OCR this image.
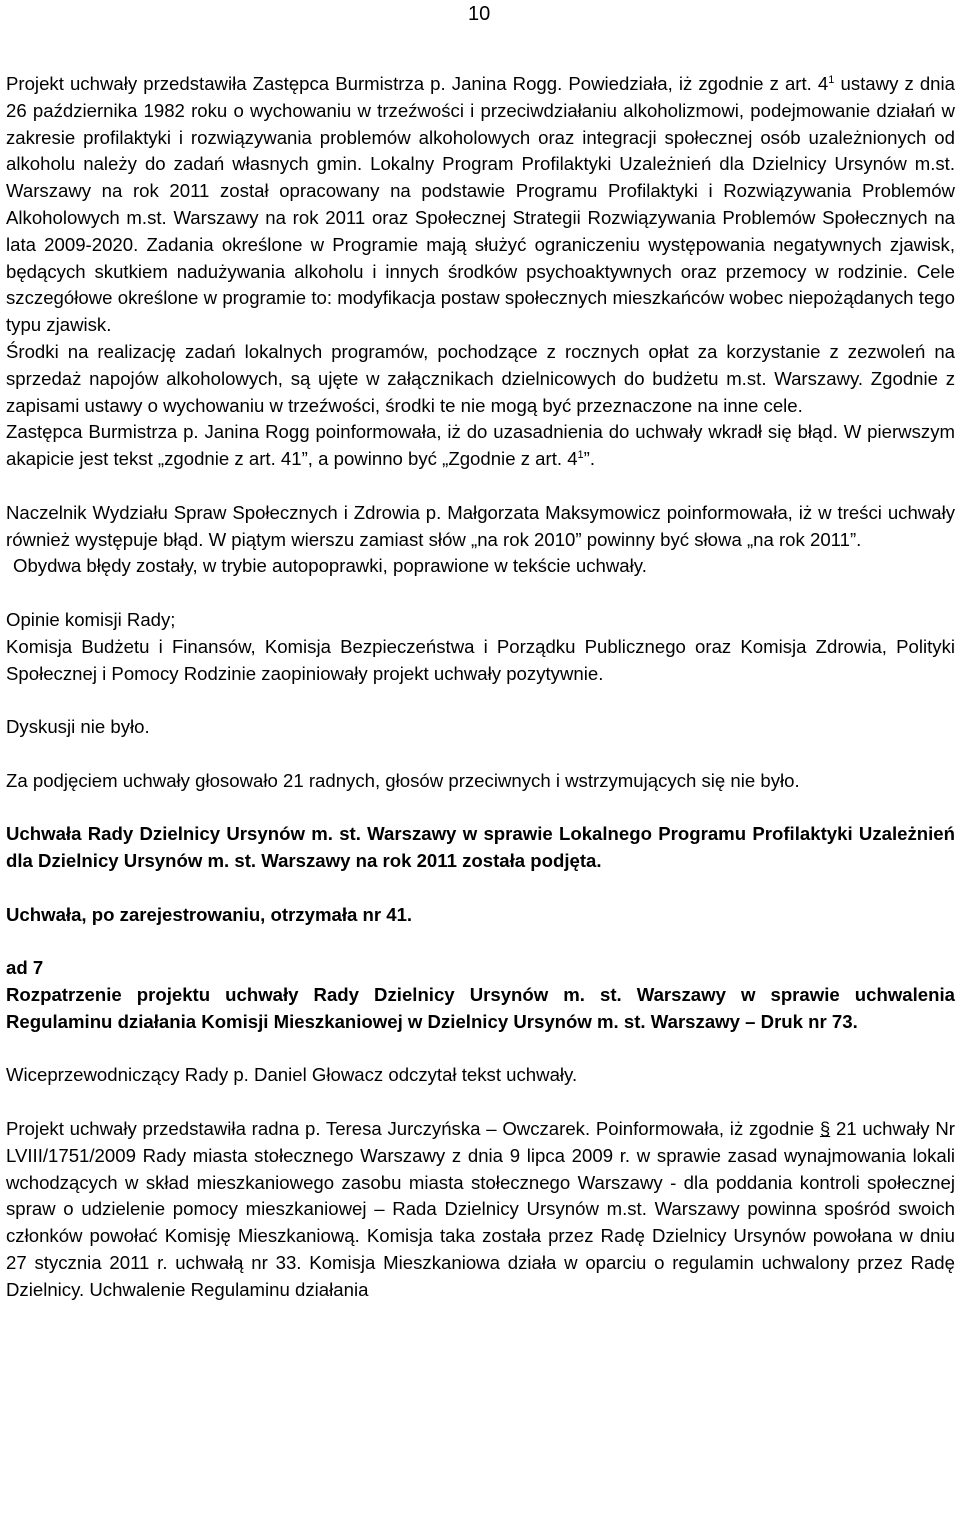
10

Projekt uchwały przedstawiła Zastępca Burmistrza p. Janina Rogg. Powiedziała, iż zgodnie z art. $4^1$ ustawy z dnia 26 października 1982 roku o wychowaniu w trzeźwości i przeciwdziałaniu alkoholizmowi, podejmowanie działań w zakresie profilaktyki i rozwiązywania problemów alkoholowych oraz integracji społecznej osób uzależnionych od alkoholu należy do zadań własnych gmin. Lokalny Program Profilaktyki Uzależnień dla Dzielnicy Ursynów m.st. Warszawy na rok 2011 został opracowany na podstawie Programu Profilaktyki i Rozwiązywania Problemów Alkoholowych m.st. Warszawy na rok 2011 oraz Społecznej Strategii Rozwiązywania Problemów Społecznych na lata 2009-2020. Zadania określone w Programie mają służyć ograniczeniu występowania negatywnych zjawisk, będących skutkiem nadużywania alkoholu i innych środków psychoaktywnych oraz przemocy w rodzinie. Cele szczegółowe określone w programie to: modyfikacja postaw społecznych mieszkańców wobec niepożądanych tego typu zjawisk.

Środki na realizację zadań lokalnych programów, pochodzące z rocznych opłat za korzystanie z zezwoleń na sprzedaż napojów alkoholowych, są ujęte w załącznikach dzielnicowych do budżetu m.st. Warszawy. Zgodnie z zapisami ustawy o wychowaniu w trzeźwości, środki te nie mogą być przeznaczone na inne cele.

Zastępca Burmistrza p. Janina Rogg poinformowała, iż do uzasadnienia do uchwały wkradł się błąd. W pierwszym akapicie jest tekst „zgodnie z art. 41”, a powinno być „Zgodnie z art. $4^1$”.

Naczelnik Wydziału Spraw Społecznych i Zdrowia p. Małgorzata Maksymowicz poinformowała, iż w treści uchwały również występuje błąd. W piątym wierszu zamiast słów „na rok 2010” powinny być słowa „na rok 2011”.

Obydwa błędy zostały, w trybie autopoprawki, poprawione w tekście uchwały.

Opinie komisji Rady;

Komisja Budżetu i Finansów, Komisja Bezpieczeństwa i Porządku Publicznego oraz Komisja Zdrowia, Polityki Społecznej i Pomocy Rodzinie zaopiniowały projekt uchwały pozytywnie.

Dyskusji nie było.

Za podjęciem uchwały głosowało 21 radnych, głosów przeciwnych i wstrzymujących się nie było.

Uchwała Rady Dzielnicy Ursynów m. st. Warszawy w sprawie Lokalnego Programu Profilaktyki Uzależnień dla Dzielnicy Ursynów m. st. Warszawy na rok 2011 została podjęta.

Uchwała, po zarejestrowaniu, otrzymała nr 41.

ad 7

Rozpatrzenie projektu uchwały Rady Dzielnicy Ursynów m. st. Warszawy w sprawie uchwalenia Regulaminu działania Komisji Mieszkaniowej w Dzielnicy Ursynów m. st. Warszawy – Druk nr 73.

Wiceprzewodniczący Rady p. Daniel Głowacz odczytał tekst uchwały.

Projekt uchwały przedstawiła radna p. Teresa Jurczyńska – Owczarek. Poinformowała, iż zgodnie § 21 uchwały Nr LVIII/1751/2009 Rady miasta stołecznego Warszawy z dnia 9 lipca 2009 r. w sprawie zasad wynajmowania lokali wchodzących w skład mieszkaniowego zasobu miasta stołecznego Warszawy - dla poddania kontroli społecznej spraw o udzielenie pomocy mieszkaniowej – Rada Dzielnicy Ursynów m.st. Warszawy powinna spośród swoich członków powołać Komisję Mieszkaniową. Komisja taka została przez Radę Dzielnicy Ursynów powołana w dniu 27 stycznia 2011 r. uchwałą nr 33. Komisja Mieszkaniowa działa w oparciu o regulamin uchwalony przez Radę Dzielnicy. Uchwalenie Regulaminu działania
